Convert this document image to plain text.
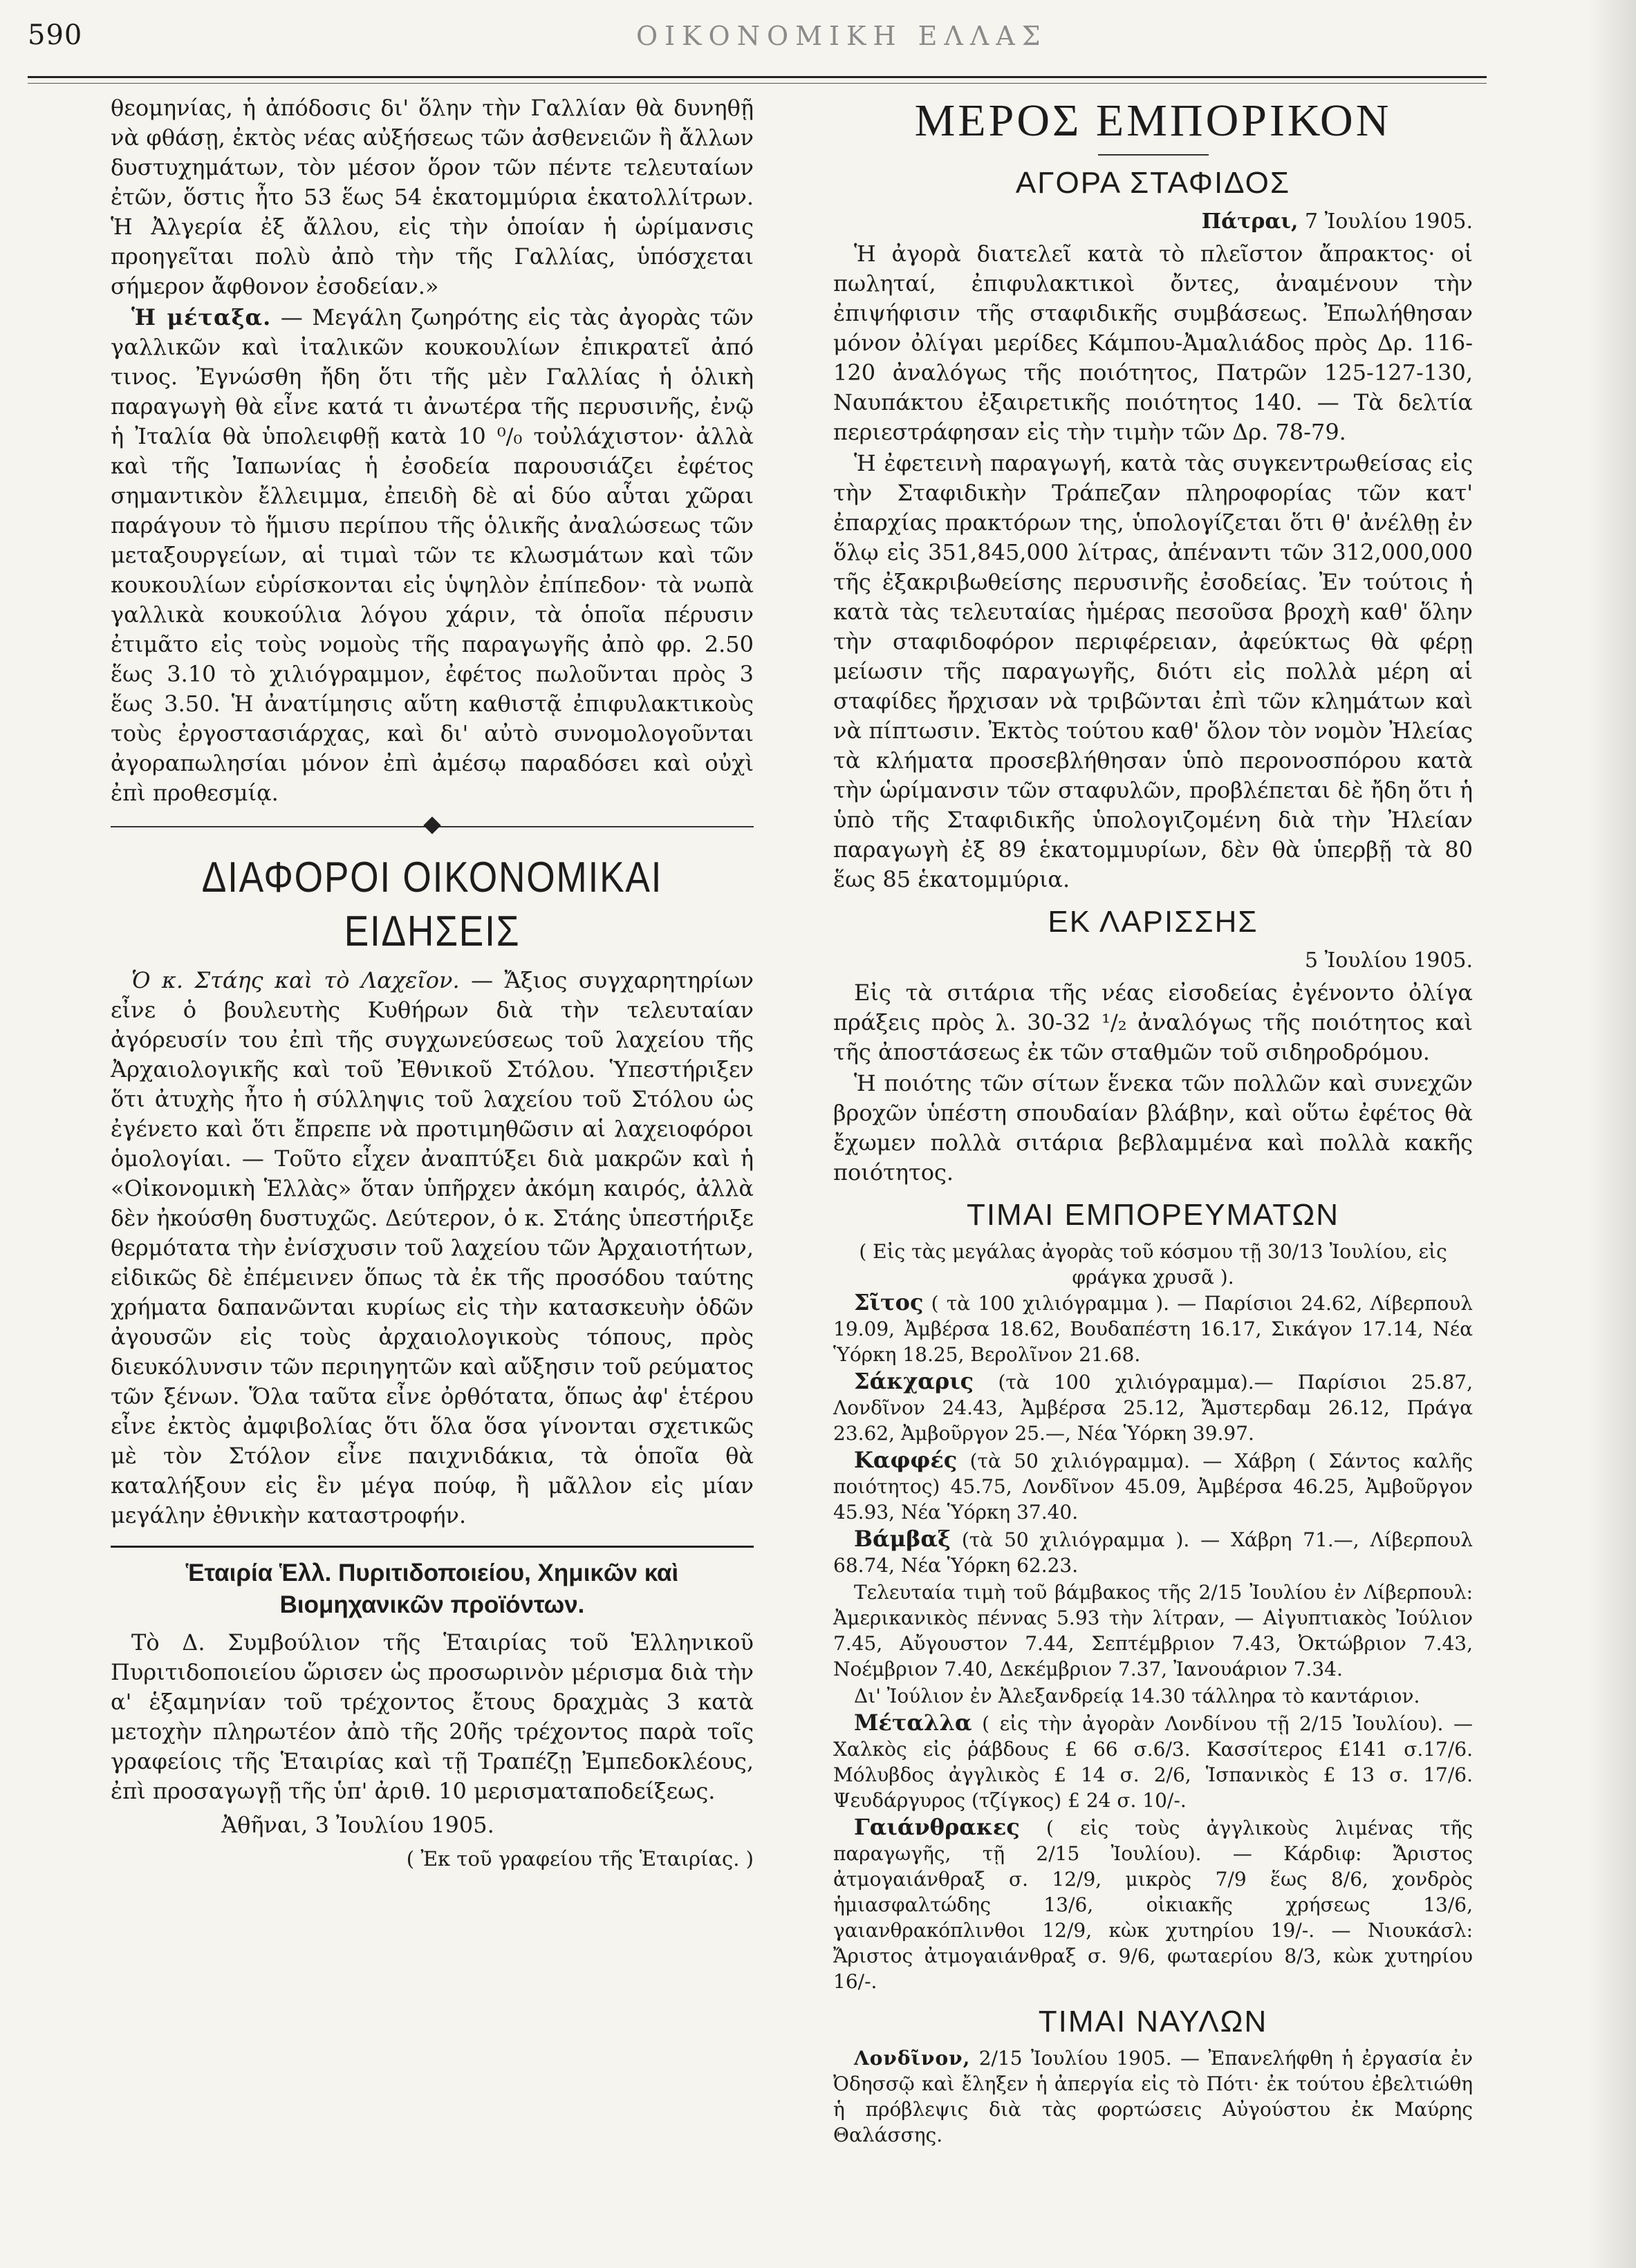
590	ΟΙΚΟΝΟΜΙΚΗ ΕΛΛΑΣ

θεομηνίας, ἡ ἀπόδοσις δι' ὅλην τὴν Γαλλίαν θὰ δυνηθῇ νὰ φθάσῃ, ἐκτὸς νέας αὐξήσεως τῶν ἀσθενειῶν ἢ ἄλλων δυστυχημάτων, τὸν μέσον ὅρον τῶν πέντε τελευταίων ἐτῶν, ὅστις ἦτο 53 ἕως 54 ἑκατομμύρια ἑκατολλίτρων. Ἡ Ἀλγερία ἐξ ἄλλου, εἰς τὴν ὁποίαν ἡ ὡρίμανσις προηγεῖται πολὺ ἀπὸ τὴν τῆς Γαλλίας, ὑπόσχεται σήμερον ἄφθονον ἐσοδείαν.»

Ἡ μέταξα. — Μεγάλη ζωηρότης εἰς τὰς ἀγορὰς τῶν γαλλικῶν καὶ ἰταλικῶν κουκουλίων ἐπικρατεῖ ἀπό τινος. Ἐγνώσθη ἤδη ὅτι τῆς μὲν Γαλλίας ἡ ὁλικὴ παραγωγὴ θὰ εἶνε κατά τι ἀνωτέρα τῆς περυσινῆς, ἐνῷ ἡ Ἰταλία θὰ ὑπολειφθῇ κατὰ 10 ⁰/₀ τοὐλάχιστον· ἀλλὰ καὶ τῆς Ἰαπωνίας ἡ ἐσοδεία παρουσιάζει ἐφέτος σημαντικὸν ἔλλειμμα, ἐπειδὴ δὲ αἱ δύο αὗται χῶραι παράγουν τὸ ἥμισυ περίπου τῆς ὁλικῆς ἀναλώσεως τῶν μεταξουργείων, αἱ τιμαὶ τῶν τε κλωσμάτων καὶ τῶν κουκουλίων εὑρίσκονται εἰς ὑψηλὸν ἐπίπεδον· τὰ νωπὰ γαλλικὰ κουκούλια λόγου χάριν, τὰ ὁποῖα πέρυσιν ἐτιμᾶτο εἰς τοὺς νομοὺς τῆς παραγωγῆς ἀπὸ φρ. 2.50 ἕως 3.10 τὸ χιλιόγραμμον, ἐφέτος πωλοῦνται πρὸς 3 ἕως 3.50. Ἡ ἀνατίμησις αὕτη καθιστᾷ ἐπιφυλακτικοὺς τοὺς ἐργοστασιάρχας, καὶ δι' αὐτὸ συνομολογοῦνται ἀγοραπωλησίαι μόνον ἐπὶ ἀμέσῳ παραδόσει καὶ οὐχὶ ἐπὶ προθεσμίᾳ.

ΔΙΑΦΟΡΟΙ ΟΙΚΟΝΟΜΙΚΑΙ ΕΙΔΗΣΕΙΣ

Ὁ κ. Στάης καὶ τὸ Λαχεῖον. — Ἄξιος συγχαρητηρίων εἶνε ὁ βουλευτὴς Κυθήρων διὰ τὴν τελευταίαν ἀγόρευσίν του ἐπὶ τῆς συγχωνεύσεως τοῦ λαχείου τῆς Ἀρχαιολογικῆς καὶ τοῦ Ἐθνικοῦ Στόλου. Ὑπεστήριξεν ὅτι ἀτυχὴς ἦτο ἡ σύλληψις τοῦ λαχείου τοῦ Στόλου ὡς ἐγένετο καὶ ὅτι ἔπρεπε νὰ προτιμηθῶσιν αἱ λαχειοφόροι ὁμολογίαι. — Τοῦτο εἶχεν ἀναπτύξει διὰ μακρῶν καὶ ἡ «Οἰκονομικὴ Ἑλλὰς» ὅταν ὑπῆρχεν ἀκόμη καιρός, ἀλλὰ δὲν ἠκούσθη δυστυχῶς. Δεύτερον, ὁ κ. Στάης ὑπεστήριξε θερμότατα τὴν ἐνίσχυσιν τοῦ λαχείου τῶν Ἀρχαιοτήτων, εἰδικῶς δὲ ἐπέμεινεν ὅπως τὰ ἐκ τῆς προσόδου ταύτης χρήματα δαπανῶνται κυρίως εἰς τὴν κατασκευὴν ὁδῶν ἀγουσῶν εἰς τοὺς ἀρχαιολογικοὺς τόπους, πρὸς διευκόλυνσιν τῶν περιηγητῶν καὶ αὔξησιν τοῦ ρεύματος τῶν ξένων. Ὅλα ταῦτα εἶνε ὀρθότατα, ὅπως ἀφ' ἑτέρου εἶνε ἐκτὸς ἀμφιβολίας ὅτι ὅλα ὅσα γίνονται σχετικῶς μὲ τὸν Στόλον εἶνε παιχνιδάκια, τὰ ὁποῖα θὰ καταλήξουν εἰς ἓν μέγα πούφ, ἢ μᾶλλον εἰς μίαν μεγάλην ἐθνικὴν καταστροφήν.

Ἑταιρία Ἑλλ. Πυριτιδοποιείου, Χημικῶν καὶ Βιομηχανικῶν προϊόντων.

Τὸ Δ. Συμβούλιον τῆς Ἑταιρίας τοῦ Ἑλληνικοῦ Πυριτιδοποιείου ὥρισεν ὡς προσωρινὸν μέρισμα διὰ τὴν α' ἑξαμηνίαν τοῦ τρέχοντος ἔτους δραχμὰς 3 κατὰ μετοχὴν πληρωτέον ἀπὸ τῆς 20ῆς τρέχοντος παρὰ τοῖς γραφείοις τῆς Ἑταιρίας καὶ τῇ Τραπέζῃ Ἐμπεδοκλέους, ἐπὶ προσαγωγῇ τῆς ὑπ' ἀριθ. 10 μερισματαποδείξεως.

Ἀθῆναι, 3 Ἰουλίου 1905.
( Ἐκ τοῦ γραφείου τῆς Ἑταιρίας. )
ΜΕΡΟΣ ΕΜΠΟΡΙΚΟΝ
ΑΓΟΡΑ ΣΤΑΦΙΔΟΣ
Πάτραι, 7 Ἰουλίου 1905.

Ἡ ἀγορὰ διατελεῖ κατὰ τὸ πλεῖστον ἄπρακτος· οἱ πωληταί, ἐπιφυλακτικοὶ ὄντες, ἀναμένουν τὴν ἐπιψήφισιν τῆς σταφιδικῆς συμβάσεως. Ἐπωλήθησαν μόνον ὀλίγαι μερίδες Κάμπου-Ἀμαλιάδος πρὸς Δρ. 116-120 ἀναλόγως τῆς ποιότητος, Πατρῶν 125-127-130, Ναυπάκτου ἐξαιρετικῆς ποιότητος 140. — Τὰ δελτία περιεστράφησαν εἰς τὴν τιμὴν τῶν Δρ. 78-79.

Ἡ ἐφετεινὴ παραγωγή, κατὰ τὰς συγκεντρωθείσας εἰς τὴν Σταφιδικὴν Τράπεζαν πληροφορίας τῶν κατ' ἐπαρχίας πρακτόρων της, ὑπολογίζεται ὅτι θ' ἀνέλθῃ ἐν ὅλῳ εἰς 351,845,000 λίτρας, ἀπέναντι τῶν 312,000,000 τῆς ἐξακριβωθείσης περυσινῆς ἐσοδείας. Ἐν τούτοις ἡ κατὰ τὰς τελευταίας ἡμέρας πεσοῦσα βροχὴ καθ' ὅλην τὴν σταφιδοφόρον περιφέρειαν, ἀφεύκτως θὰ φέρῃ μείωσιν τῆς παραγωγῆς, διότι εἰς πολλὰ μέρη αἱ σταφίδες ἤρχισαν νὰ τριβῶνται ἐπὶ τῶν κλημάτων καὶ νὰ πίπτωσιν. Ἐκτὸς τούτου καθ' ὅλον τὸν νομὸν Ἠλείας τὰ κλήματα προσεβλήθησαν ὑπὸ περονοσπόρου κατὰ τὴν ὡρίμανσιν τῶν σταφυλῶν, προβλέπεται δὲ ἤδη ὅτι ἡ ὑπὸ τῆς Σταφιδικῆς ὑπολογιζομένη διὰ τὴν Ἠλείαν παραγωγὴ ἐξ 89 ἑκατομμυρίων, δὲν θὰ ὑπερβῇ τὰ 80 ἕως 85 ἑκατομμύρια.

ΕΚ ΛΑΡΙΣΣΗΣ
5 Ἰουλίου 1905.

Εἰς τὰ σιτάρια τῆς νέας εἰσοδείας ἐγένοντο ὀλίγα πράξεις πρὸς λ. 30-32 ¹/₂ ἀναλόγως τῆς ποιότητος καὶ τῆς ἀποστάσεως ἐκ τῶν σταθμῶν τοῦ σιδηροδρόμου.

Ἡ ποιότης τῶν σίτων ἕνεκα τῶν πολλῶν καὶ συνεχῶν βροχῶν ὑπέστη σπουδαίαν βλάβην, καὶ οὕτω ἐφέτος θὰ ἔχωμεν πολλὰ σιτάρια βεβλαμμένα καὶ πολλὰ κακῆς ποιότητος.

ΤΙΜΑΙ ΕΜΠΟΡΕΥΜΑΤΩΝ
( Εἰς τὰς μεγάλας ἀγορὰς τοῦ κόσμου τῇ 30/13 Ἰουλίου, εἰς φράγκα χρυσᾶ ).

Σῖτος ( τὰ 100 χιλιόγραμμα ). — Παρίσιοι 24.62, Λίβερπουλ 19.09, Ἀμβέρσα 18.62, Βουδαπέστη 16.17, Σικάγον 17.14, Νέα Ὑόρκη 18.25, Βερολῖνον 21.68.

Σάκχαρις (τὰ 100 χιλιόγραμμα).— Παρίσιοι 25.87, Λονδῖνον 24.43, Ἀμβέρσα 25.12, Ἄμστερδαμ 26.12, Πράγα 23.62, Ἀμβοῦργον 25.—, Νέα Ὑόρκη 39.97.

Καφφές (τὰ 50 χιλιόγραμμα). — Χάβρη ( Σάντος καλῆς ποιότητος) 45.75, Λονδῖνον 45.09, Ἀμβέρσα 46.25, Ἀμβοῦργον 45.93, Νέα Ὑόρκη 37.40.

Βάμβαξ (τὰ 50 χιλιόγραμμα ). — Χάβρη 71.—, Λίβερπουλ 68.74, Νέα Ὑόρκη 62.23.

Τελευταία τιμὴ τοῦ βάμβακος τῆς 2/15 Ἰουλίου ἐν Λίβερπουλ: Ἀμερικανικὸς πέννας 5.93 τὴν λίτραν, — Αἰγυπτιακὸς Ἰούλιον 7.45, Αὔγουστον 7.44, Σεπτέμβριον 7.43, Ὀκτώβριον 7.43, Νοέμβριον 7.40, Δεκέμβριον 7.37, Ἰανουάριον 7.34.

Δι' Ἰούλιον ἐν Ἀλεξανδρείᾳ 14.30 τάλληρα τὸ καντάριον.

Μέταλλα ( εἰς τὴν ἀγορὰν Λονδίνου τῇ 2/15 Ἰουλίου). — Χαλκὸς εἰς ῥάβδους £ 66 σ.6/3. Κασσίτερος £141 σ.17/6. Μόλυβδος ἀγγλικὸς £ 14 σ. 2/6, Ἱσπανικὸς £ 13 σ. 17/6. Ψευδάργυρος (τζίγκος) £ 24 σ. 10/-.

Γαιάνθρακες ( εἰς τοὺς ἀγγλικοὺς λιμένας τῆς παραγωγῆς, τῇ 2/15 Ἰουλίου). — Κάρδιφ: Ἄριστος ἀτμογαιάνθραξ σ. 12/9, μικρὸς 7/9 ἕως 8/6, χονδρὸς ἡμιασφαλτώδης 13/6, οἰκιακῆς χρήσεως 13/6, γαιανθρακόπλινθοι 12/9, κὼκ χυτηρίου 19/-. — Νιουκάσλ: Ἄριστος ἀτμογαιάνθραξ σ. 9/6, φωταερίου 8/3, κὼκ χυτηρίου 16/-.

ΤΙΜΑΙ ΝΑΥΛΩΝ

Λονδῖνον, 2/15 Ἰουλίου 1905. — Ἐπανελήφθη ἡ ἐργασία ἐν Ὀδησσῷ καὶ ἔληξεν ἡ ἀπεργία εἰς τὸ Πότι· ἐκ τούτου ἐβελτιώθη ἡ πρόβλεψις διὰ τὰς φορτώσεις Αὐγούστου ἐκ Μαύρης Θαλάσσης.
